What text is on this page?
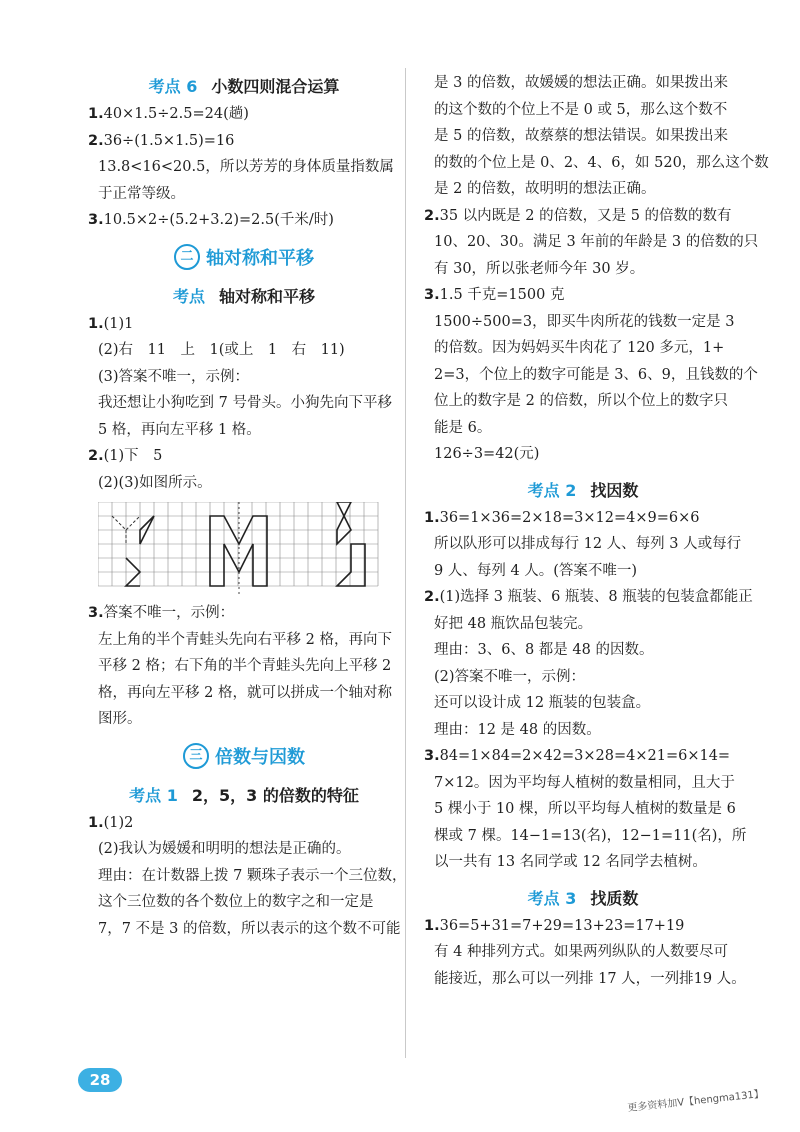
考点 6 小数四则混合运算
1.40×1.5÷2.5=24(趟)
2.36÷(1.5×1.5)=16
13.8<16<20.5，所以芳芳的身体质量指数属
于正常等级。
3.10.5×2÷(5.2+3.2)=2.5(千米/时)
二 轴对称和平移
考点 轴对称和平移
1.(1)1
(2)右　11　上　1(或上　1　右　11)
(3)答案不唯一，示例：
我还想让小狗吃到 7 号骨头。小狗先向下平移
5 格，再向左平移 1 格。
2.(1)下　5
(2)(3)如图所示。
3.答案不唯一，示例：
左上角的半个青蛙头先向右平移 2 格，再向下
平移 2 格；右下角的半个青蛙头先向上平移 2
格，再向左平移 2 格，就可以拼成一个轴对称
图形。
三 倍数与因数
考点 1 2，5，3 的倍数的特征
1.(1)2
(2)我认为媛媛和明明的想法是正确的。
理由：在计数器上拨 7 颗珠子表示一个三位数，
这个三位数的各个数位上的数字之和一定是
7，7 不是 3 的倍数，所以表示的这个数不可能
是 3 的倍数，故媛媛的想法正确。如果拨出来
的这个数的个位上不是 0 或 5，那么这个数不
是 5 的倍数，故蔡蔡的想法错误。如果拨出来
的数的个位上是 0、2、4、6，如 520，那么这个数
是 2 的倍数，故明明的想法正确。
2.35 以内既是 2 的倍数，又是 5 的倍数的数有
10、20、30。满足 3 年前的年龄是 3 的倍数的只
有 30，所以张老师今年 30 岁。
3.1.5 千克=1500 克
1500÷500=3，即买牛肉所花的钱数一定是 3
的倍数。因为妈妈买牛肉花了 120 多元，1+
2=3，个位上的数字可能是 3、6、9，且钱数的个
位上的数字是 2 的倍数，所以个位上的数字只
能是 6。
126÷3=42(元)
考点 2 找因数
1.36=1×36=2×18=3×12=4×9=6×6
所以队形可以排成每行 12 人、每列 3 人或每行
9 人、每列 4 人。(答案不唯一)
2.(1)选择 3 瓶装、6 瓶装、8 瓶装的包装盒都能正
好把 48 瓶饮品包装完。
理由：3、6、8 都是 48 的因数。
(2)答案不唯一，示例：
还可以设计成 12 瓶装的包装盒。
理由：12 是 48 的因数。
3.84=1×84=2×42=3×28=4×21=6×14=
7×12。因为平均每人植树的数量相同，且大于
5 棵小于 10 棵，所以平均每人植树的数量是 6
棵或 7 棵。14−1=13(名)，12−1=11(名)，所
以一共有 13 名同学或 12 名同学去植树。
考点 3 找质数
1.36=5+31=7+29=13+23=17+19
有 4 种排列方式。如果两列纵队的人数要尽可
能接近，那么可以一列排 17 人，一列排19 人。
28
更多资料加V【hengma131】
